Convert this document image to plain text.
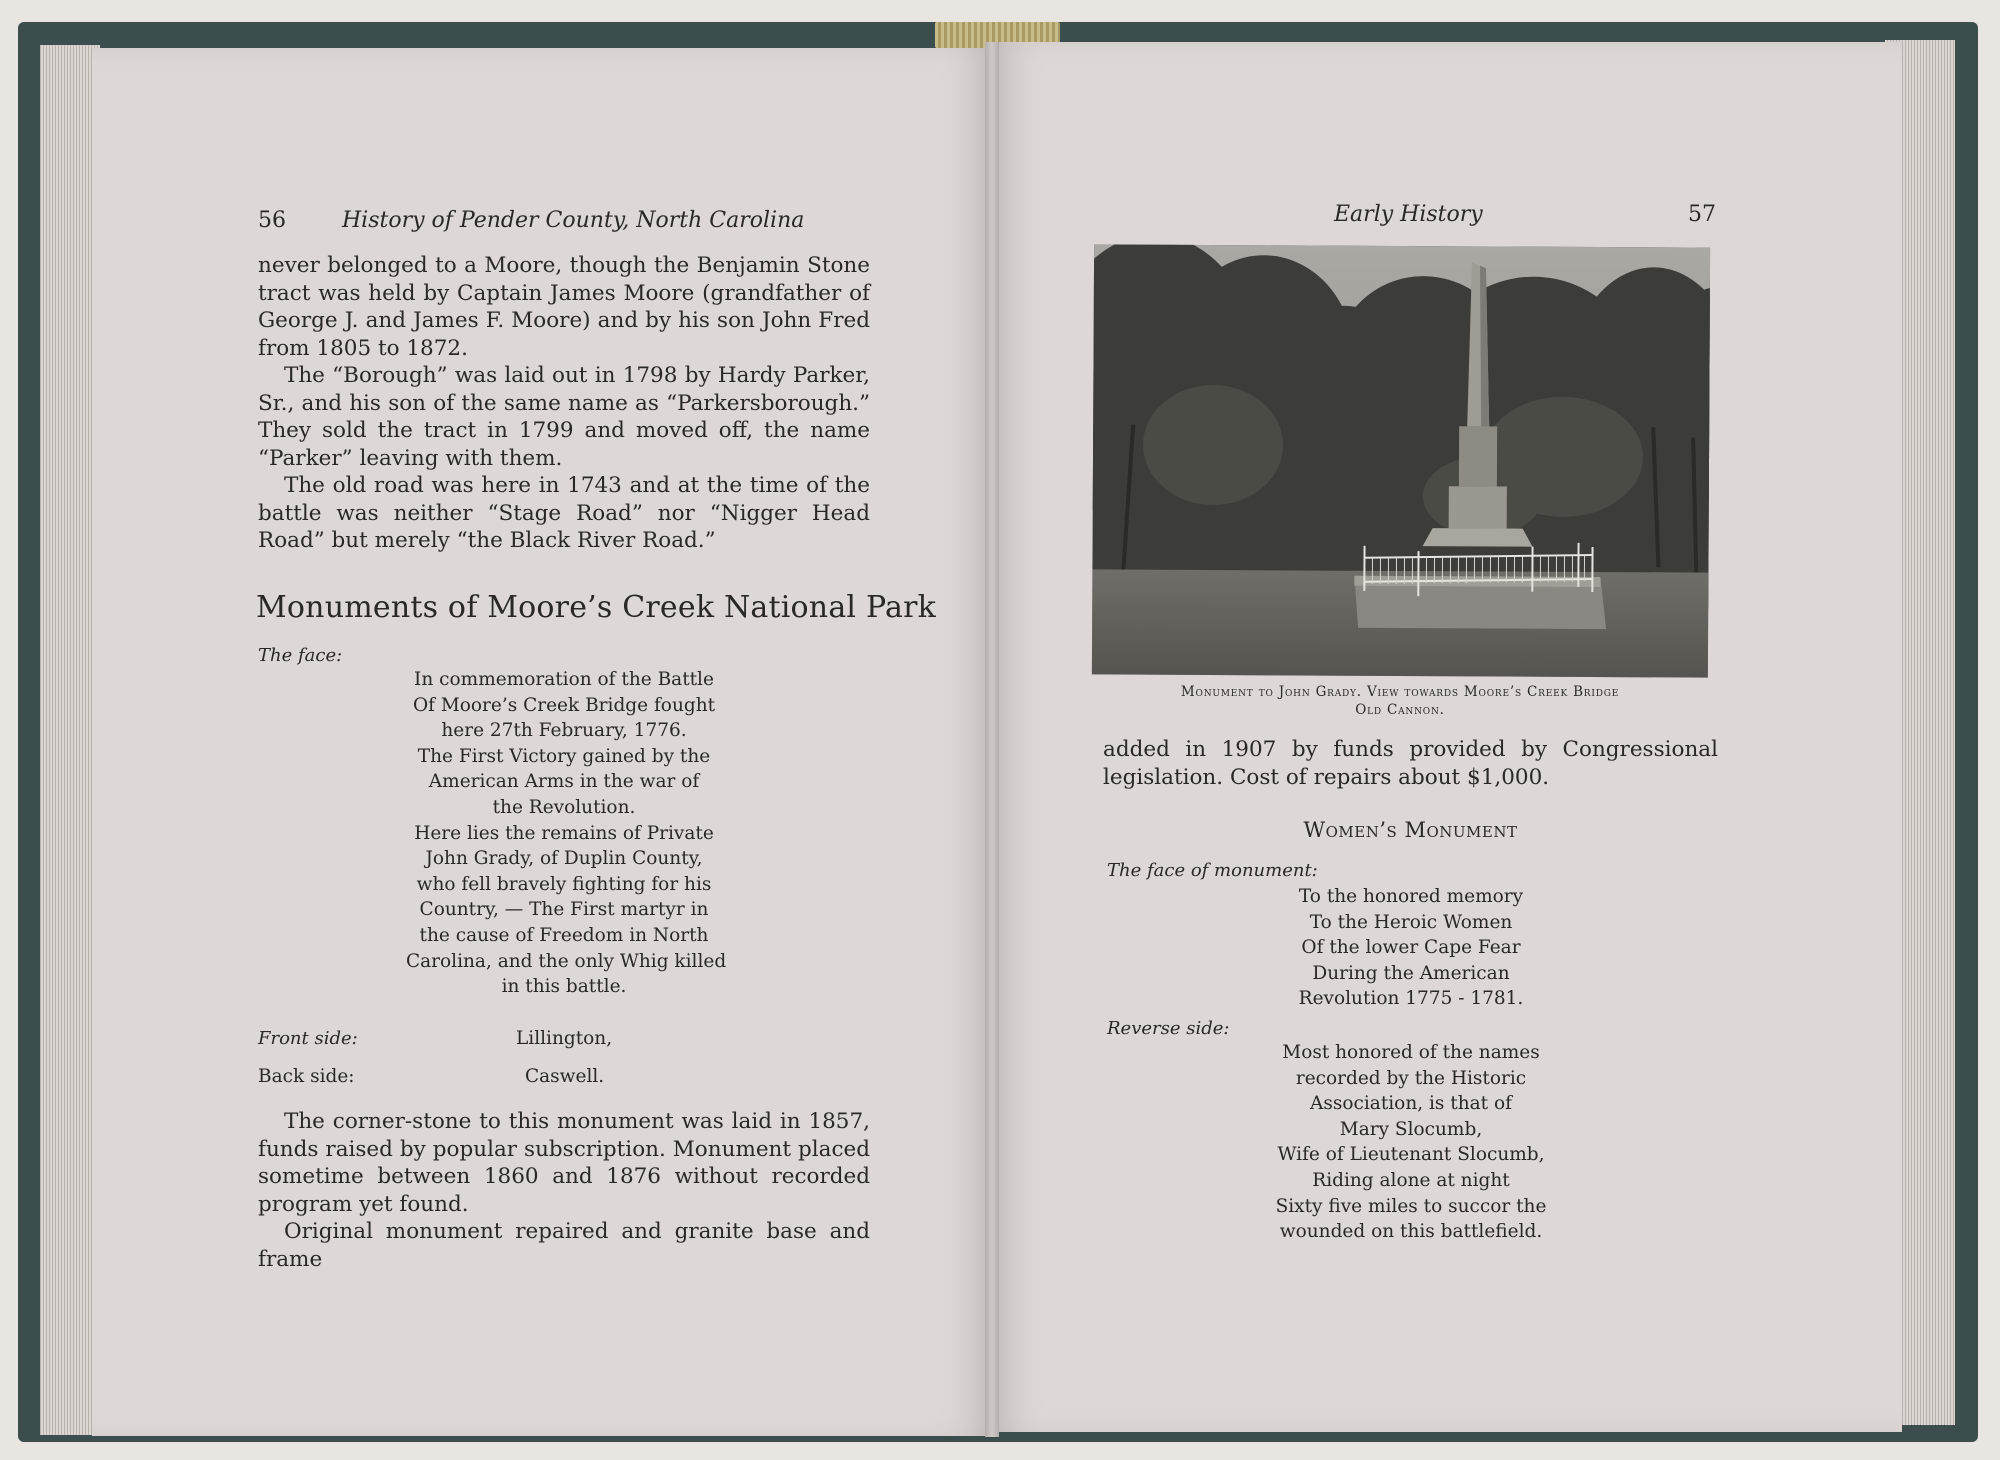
56	History of Pender County, North Carolina

never belonged to a Moore, though the Benjamin Stone tract was held by Captain James Moore (grandfather of George J. and James F. Moore) and by his son John Fred from 1805 to 1872.

The “Borough” was laid out in 1798 by Hardy Parker, Sr., and his son of the same name as “Parkersborough.” They sold the tract in 1799 and moved off, the name “Parker” leaving with them.

The old road was here in 1743 and at the time of the battle was neither “Stage Road” nor “Nigger Head Road” but merely “the Black River Road.”

Monuments of Moore’s Creek National Park
The face:
In commemoration of the Battle
Of Moore’s Creek Bridge fought
here 27th February, 1776.
The First Victory gained by the
American Arms in the war of
the Revolution.
Here lies the remains of Private
John Grady, of Duplin County,
who fell bravely fighting for his
Country, — The First martyr in
the cause of Freedom in North
Carolina, and the only Whig killed
in this battle.
Front side:	Lillington,
Back side:	Caswell.

The corner-stone to this monument was laid in 1857, funds raised by popular subscription. Monument placed sometime between 1860 and 1876 without recorded program yet found.

Original monument repaired and granite base and frame

Early History	57
Monument to John Grady. View towards Moore’s Creek Bridge
Old Cannon.

added in 1907 by funds provided by Congressional legislation. Cost of repairs about $1,000.

Women’s Monument
The face of monument:
To the honored memory
To the Heroic Women
Of the lower Cape Fear
During the American
Revolution 1775 - 1781.
Reverse side:
Most honored of the names
recorded by the Historic
Association, is that of
Mary Slocumb,
Wife of Lieutenant Slocumb,
Riding alone at night
Sixty five miles to succor the
wounded on this battlefield.
